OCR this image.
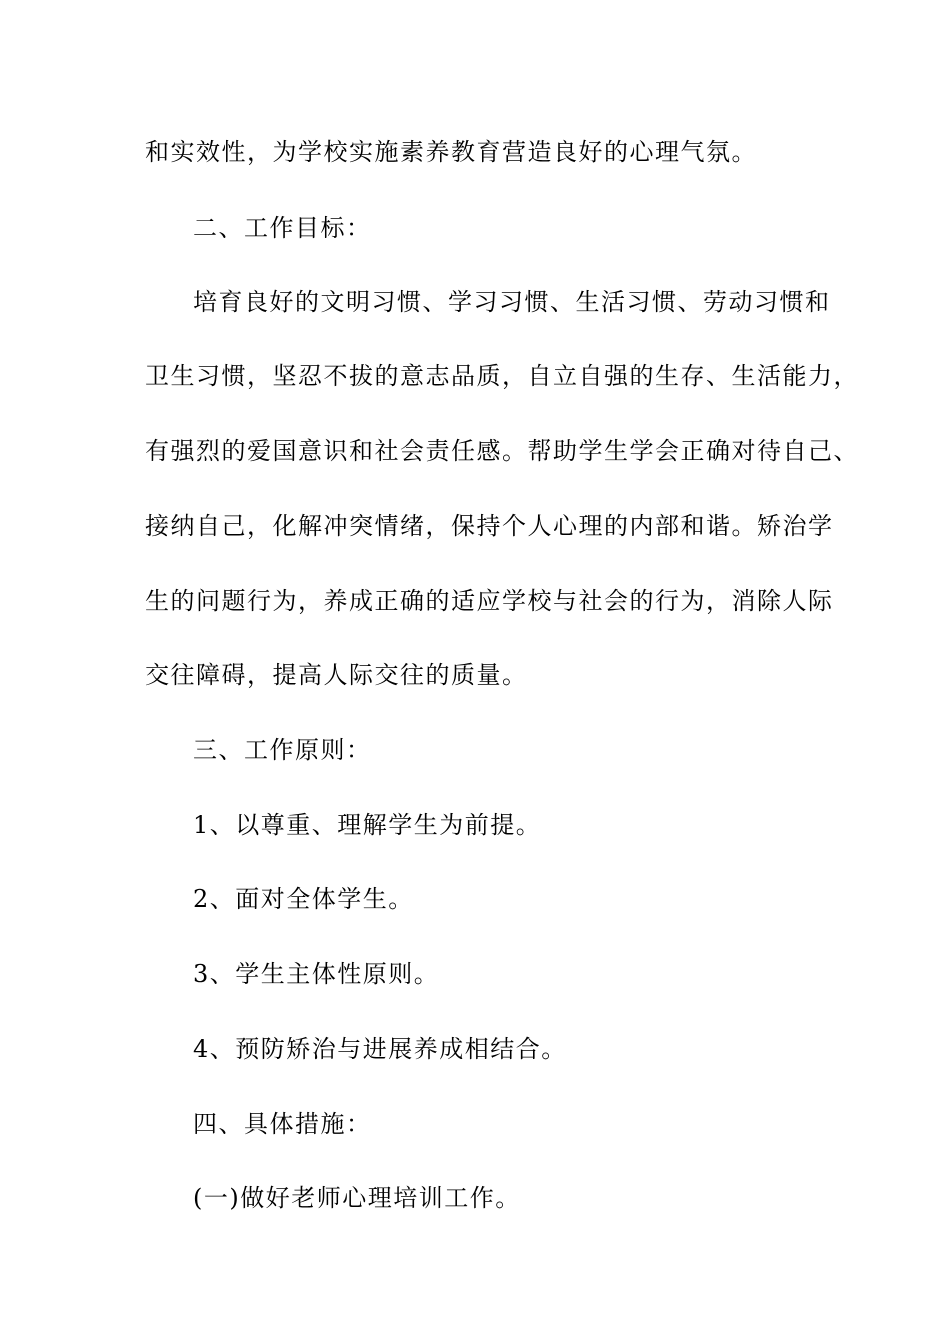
和实效性，为学校实施素养教育营造良好的心理气氛。
二、工作目标：
培育良好的文明习惯、学习习惯、生活习惯、劳动习惯和
卫生习惯，坚忍不拔的意志品质，自立自强的生存、生活能力，
有强烈的爱国意识和社会责任感。帮助学生学会正确对待自己、
接纳自己，化解冲突情绪，保持个人心理的内部和谐。矫治学
生的问题行为，养成正确的适应学校与社会的行为，消除人际
交往障碍，提高人际交往的质量。
三、工作原则：
1、以尊重、理解学生为前提。
2、面对全体学生。
3、学生主体性原则。
4、预防矫治与进展养成相结合。
四、具体措施：
(一)做好老师心理培训工作。
